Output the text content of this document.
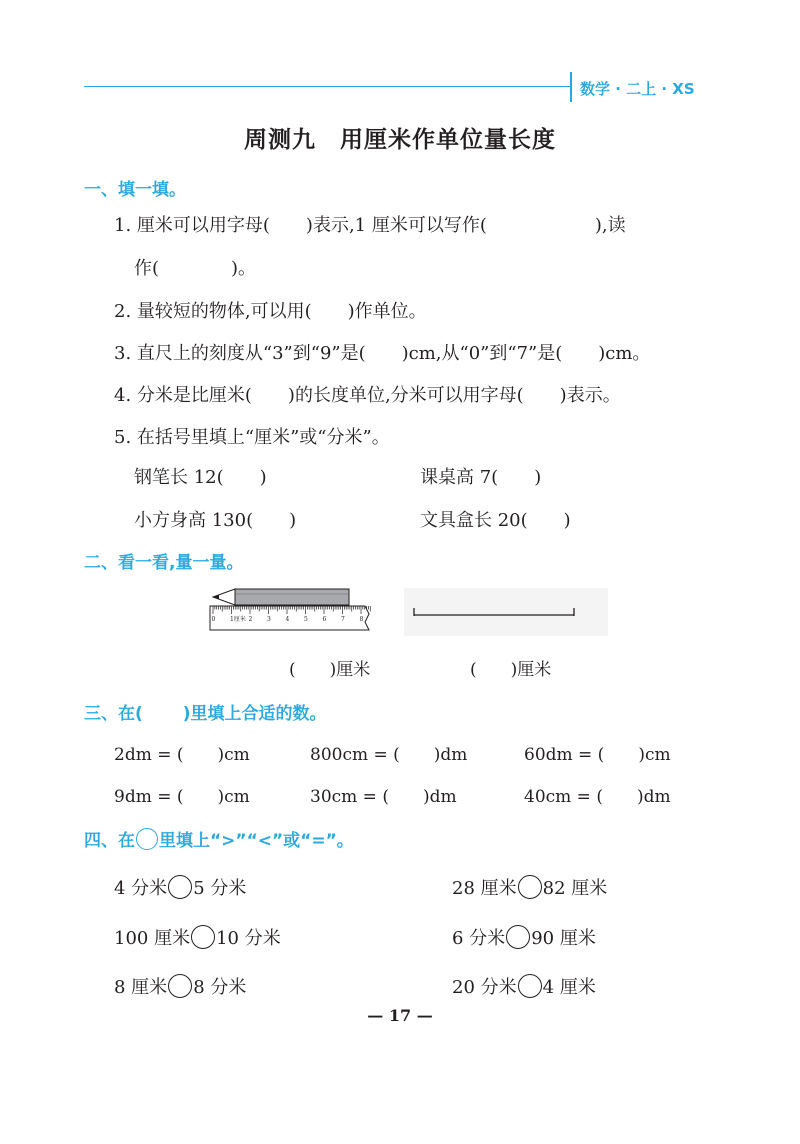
数学 · 二上 · XS
周测九　用厘米作单位量长度
一、填一填。
1. 厘米可以用字母(　　)表示,1 厘米可以写作(　　　　　　),读
作(　　　　)。
2. 量较短的物体,可以用(　　)作单位。
3. 直尺上的刻度从“3”到“9”是(　　)cm,从“0”到“7”是(　　)cm。
4. 分米是比厘米(　　)的长度单位,分米可以用字母(　　)表示。
5. 在括号里填上“厘米”或“分米”。
钢笔长 12(　　)	课桌高 7(　　)
小方身高 130(　　)	文具盒长 20(　　)
二、看一看,量一量。
0 1厘米 2 3 4 5 6 7 8
(　　)厘米	(　　)厘米
三、在( )里填上合适的数。
2dm = (　　)cm	800cm = (　　)dm	60dm = (　　)cm
9dm = (　　)cm	30cm = (　　)dm	40cm = (　　)dm
四、在 里填上“>”“<”或“=”。
4 分米 5 分米	28 厘米 82 厘米
100 厘米 10 分米	6 分米 90 厘米
8 厘米 8 分米	20 分米 4 厘米
— 17 —
